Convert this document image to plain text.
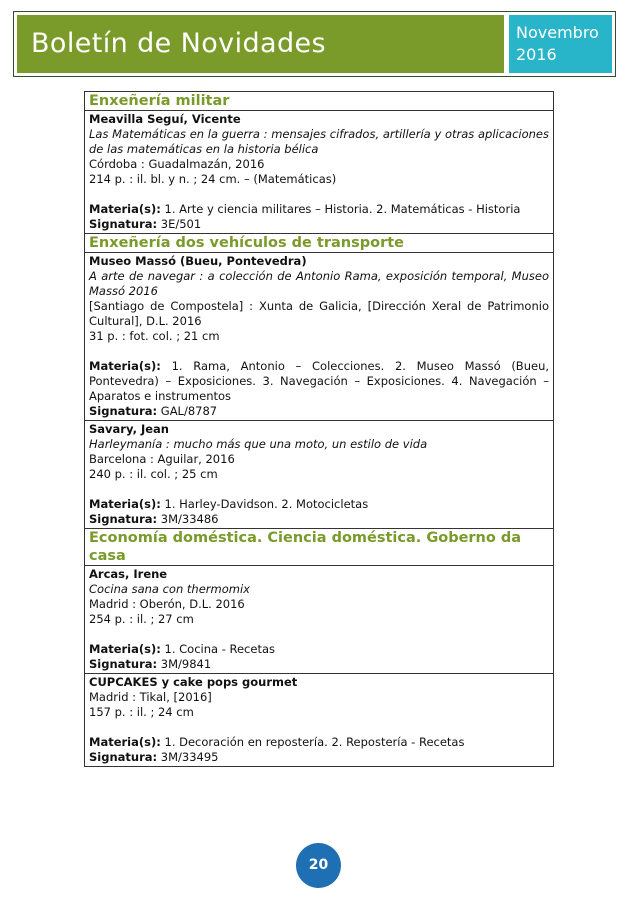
Boletín de Novidades	Novembro
2016
Enxeñería militar
Meavilla Seguí, Vicente
Las Matemáticas en la guerra : mensajes cifrados, artillería y otras aplicaciones de las matemáticas en la historia bélica
Córdoba : Guadalmazán, 2016
214 p. : il. bl. y n. ; 24 cm. – (Matemáticas)
Materia(s): 1. Arte y ciencia militares – Historia. 2. Matemáticas - Historia
Signatura: 3E/501
Enxeñería dos vehículos de transporte
Museo Massó (Bueu, Pontevedra)
A arte de navegar : a colección de Antonio Rama, exposición temporal, Museo Massó 2016
[Santiago de Compostela] : Xunta de Galicia, [Dirección Xeral de Patrimonio Cultural], D.L. 2016
31 p. : fot. col. ; 21 cm
Materia(s): 1. Rama, Antonio – Colecciones. 2. Museo Massó (Bueu, Pontevedra) – Exposiciones. 3. Navegación – Exposiciones. 4. Navegación – Aparatos e instrumentos
Signatura: GAL/8787
Savary, Jean
Harleymanía : mucho más que una moto, un estilo de vida
Barcelona : Aguilar, 2016
240 p. : il. col. ; 25 cm
Materia(s): 1. Harley-Davidson. 2. Motocicletas
Signatura: 3M/33486
Economía doméstica. Ciencia doméstica. Goberno da casa
Arcas, Irene
Cocina sana con thermomix
Madrid : Oberón, D.L. 2016
254 p. : il. ; 27 cm
Materia(s): 1. Cocina - Recetas
Signatura: 3M/9841
CUPCAKES y cake pops gourmet
Madrid : Tikal, [2016]
157 p. : il. ; 24 cm
Materia(s): 1. Decoración en repostería. 2. Repostería - Recetas
Signatura: 3M/33495
20
